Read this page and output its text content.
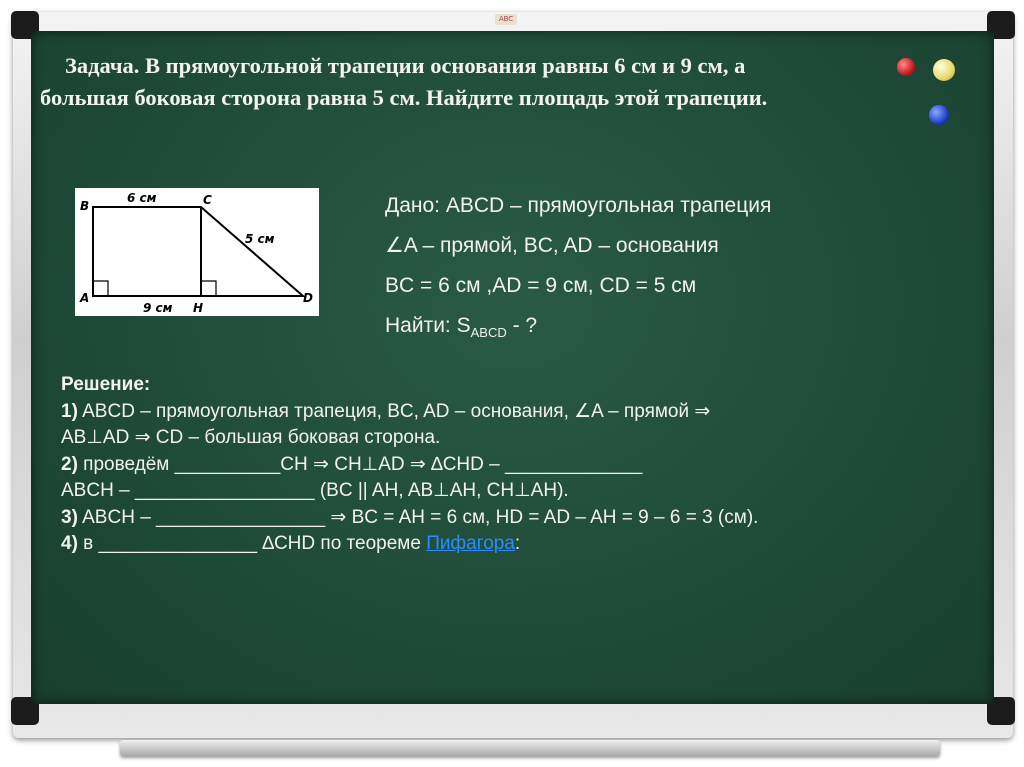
ABC
Задача. В прямоугольной трапеции основания равны 6 см и 9 см, а
большая боковая сторона равна 5 см. Найдите площадь этой трапеции.
B	C
A	D
H
6 см
5 см
9 см
Дано: ABCD – прямоугольная трапеция
∠A – прямой, BC, AD – основания
BC = 6 см ,AD = 9 см, CD = 5 см
Найти: $S_{ABCD}$ - ?
Решение:
1) ABCD – прямоугольная трапеция, BC, AD – основания, ∠A – прямой ⇒
AB⊥AD ⇒ CD – большая боковая сторона.
2) проведём __________CH ⇒ CH⊥AD ⇒ ∆CHD – _____________
ABCH – _________________ (BC || AH, AB⊥AH, CH⊥AH).
3) ABCH – ________________ ⇒ BC = AH = 6 см, HD = AD – AH = 9 – 6 = 3 (см).
4) в _______________ ∆CHD по теореме Пифагора:
